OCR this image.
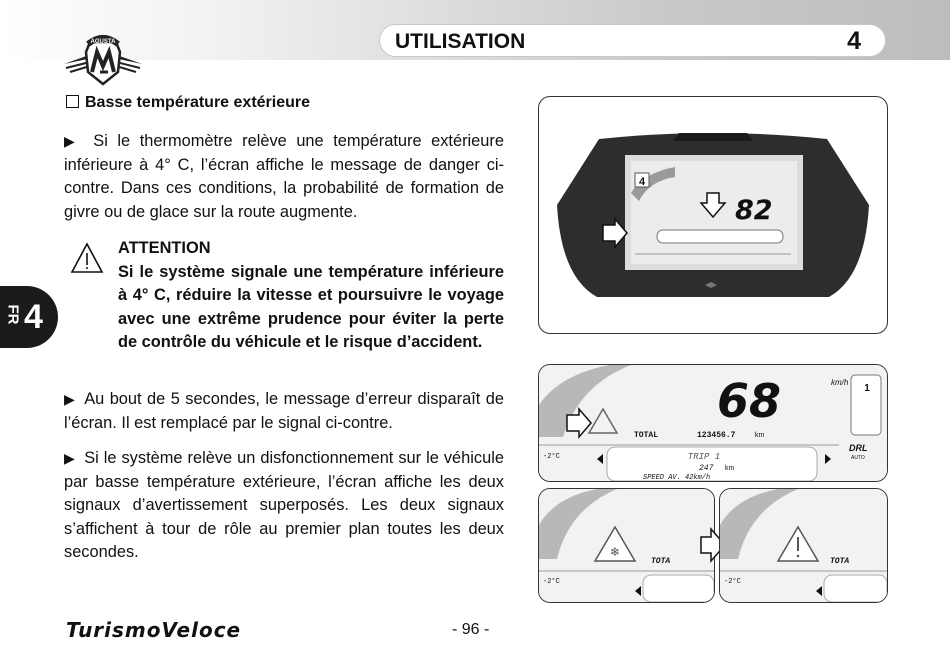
AGUSTA	UTILISATION	4
FR 4
Basse température extérieure
▶ Si le thermomètre relève une température extérieure inférieure à 4° C, l’écran affiche le message de danger ci-contre. Dans ces conditions, la probabilité de formation de givre ou de glace sur la route augmente.
ATTENTION
Si le système signale une température inférieure à 4° C, réduire la vitesse et poursuivre le voyage avec une extrême prudence pour éviter la perte de contrôle du véhicule et le risque d’accident.
▶ Au bout de 5 secondes, le message d’erreur disparaît de l’écran. Il est remplacé par le signal ci-contre.
▶ Si le système relève un disfonctionnement sur le véhicule par basse température extérieure, l’écran affiche les deux signaux d’avertissement superposés. Les deux signaux s’affichent à tour de rôle au premier plan toutes les deux secondes.
4
82
68	km/h
TOTAL	123456.7	km
1
DRL
AUTO
-2°C	TRIP 1
247 km
SPEED AV. 42km/h
❄
TOTA
-2°C
TOTA
-2°C
TurismoVeloce	- 96 -
